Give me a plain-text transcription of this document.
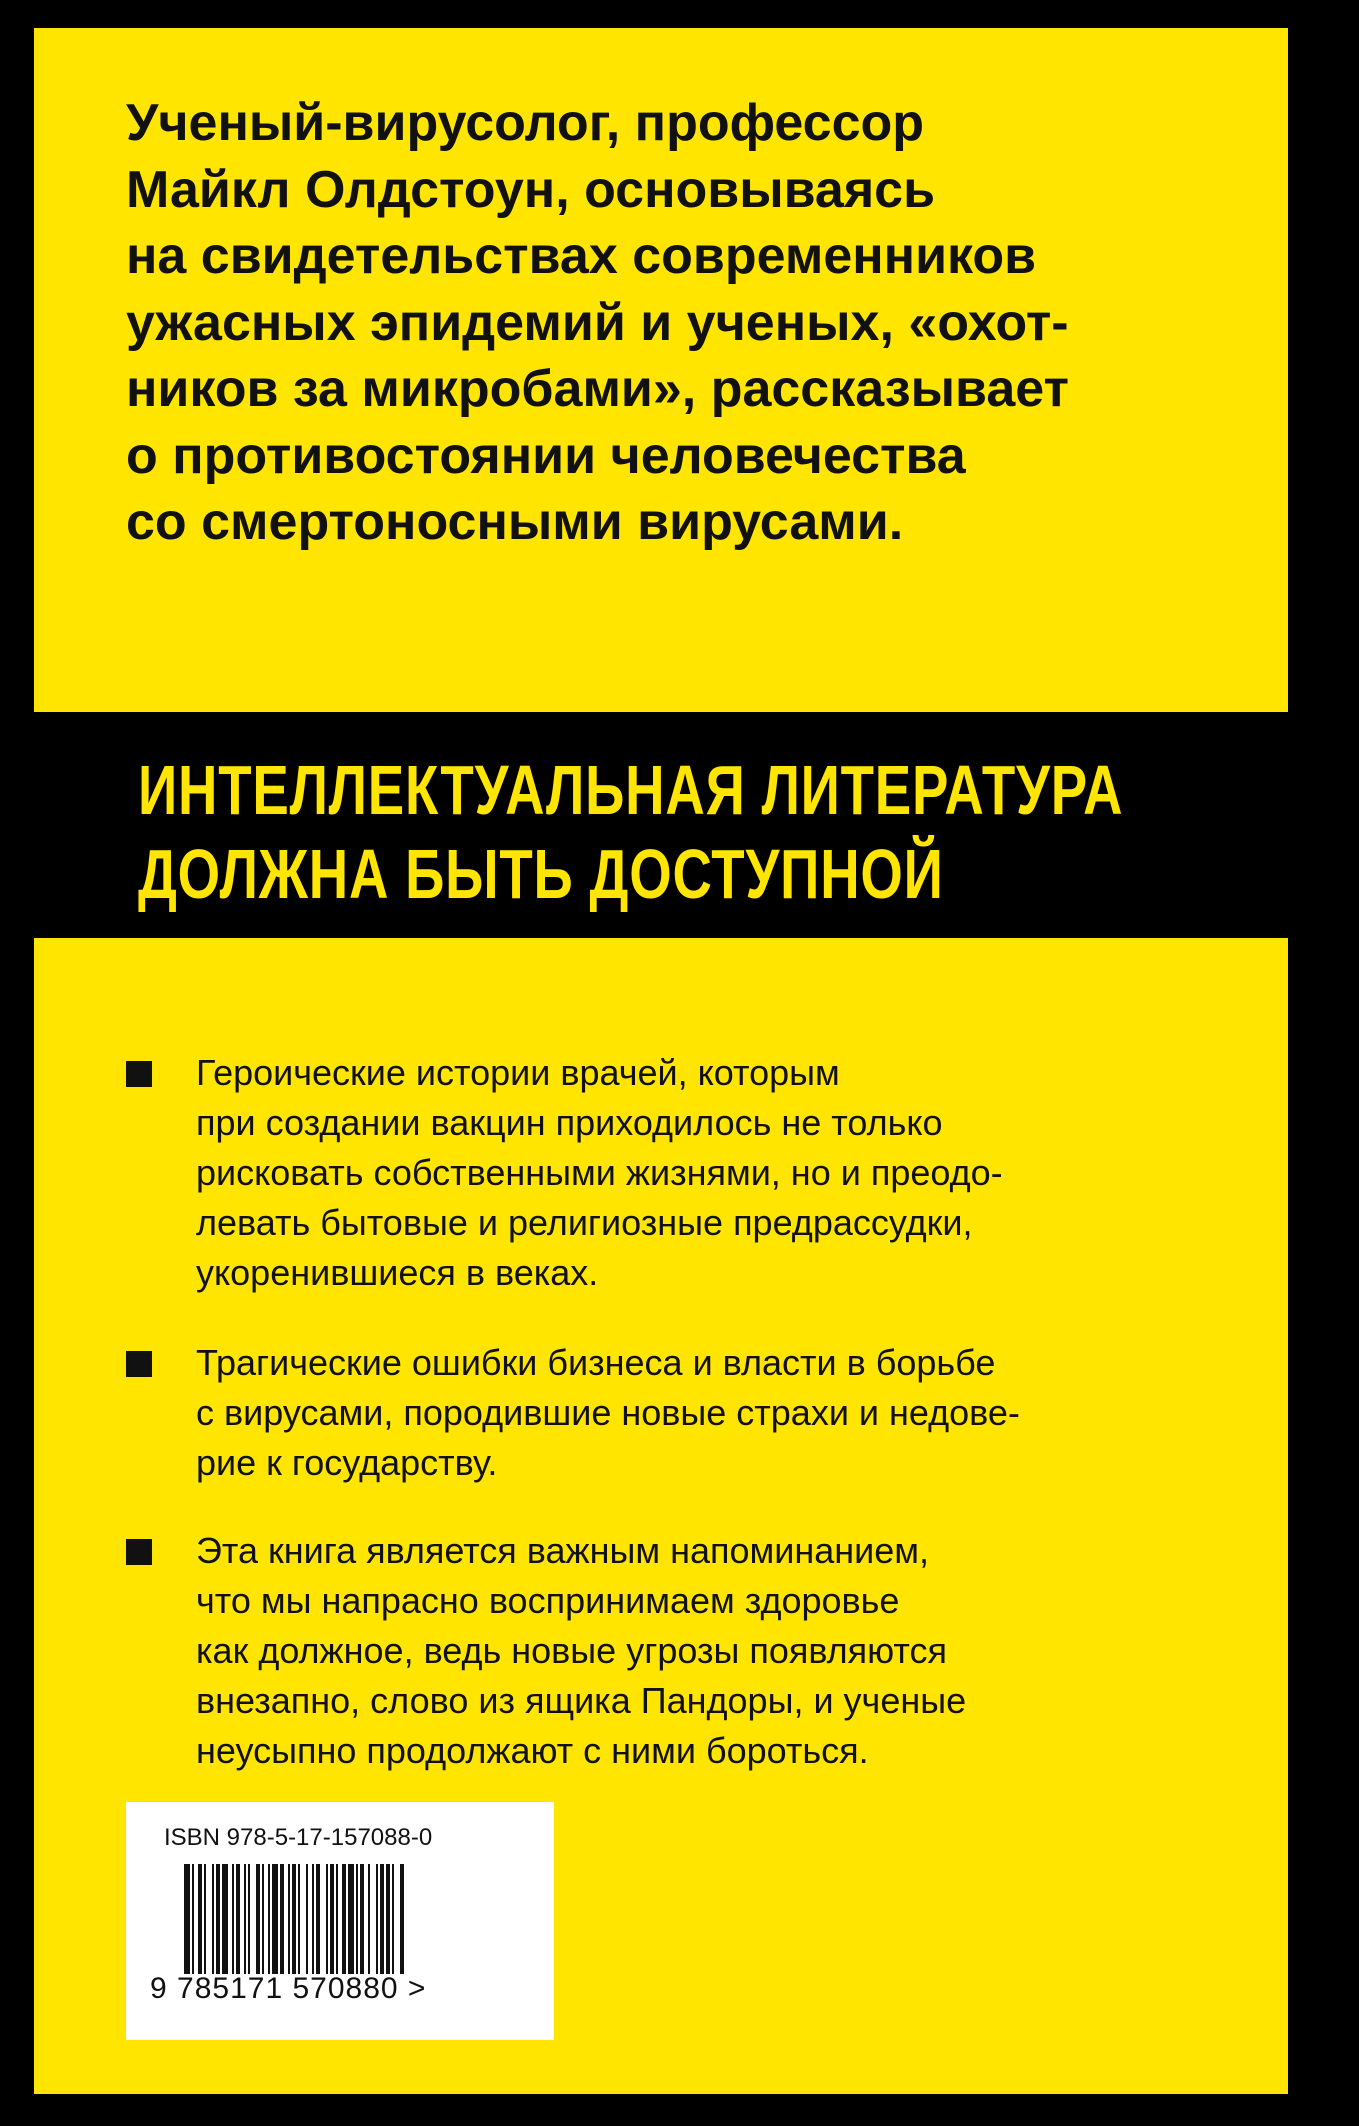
Ученый-вирусолог, профессор
Майкл Олдстоун, основываясь
на свидетельствах современников
ужасных эпидемий и ученых, «охот-
ников за микробами», рассказывает
о противостоянии человечества
со смертоносными вирусами.
ИНТЕЛЛЕКТУАЛЬНАЯ ЛИТЕРАТУРА
ДОЛЖНА БЫТЬ ДОСТУПНОЙ
Героические истории врачей, которым
при создании вакцин приходилось не только
рисковать собственными жизнями, но и преодо-
левать бытовые и религиозные предрассудки,
укоренившиеся в веках.
Трагические ошибки бизнеса и власти в борьбе
с вирусами, породившие новые страхи и недове-
рие к государству.
Эта книга является важным напоминанием,
что мы напрасно воспринимаем здоровье
как должное, ведь новые угрозы появляются
внезапно, слово из ящика Пандоры, и ученые
неусыпно продолжают с ними бороться.
ISBN 978-5-17-157088-0
9 785171 570880 >
